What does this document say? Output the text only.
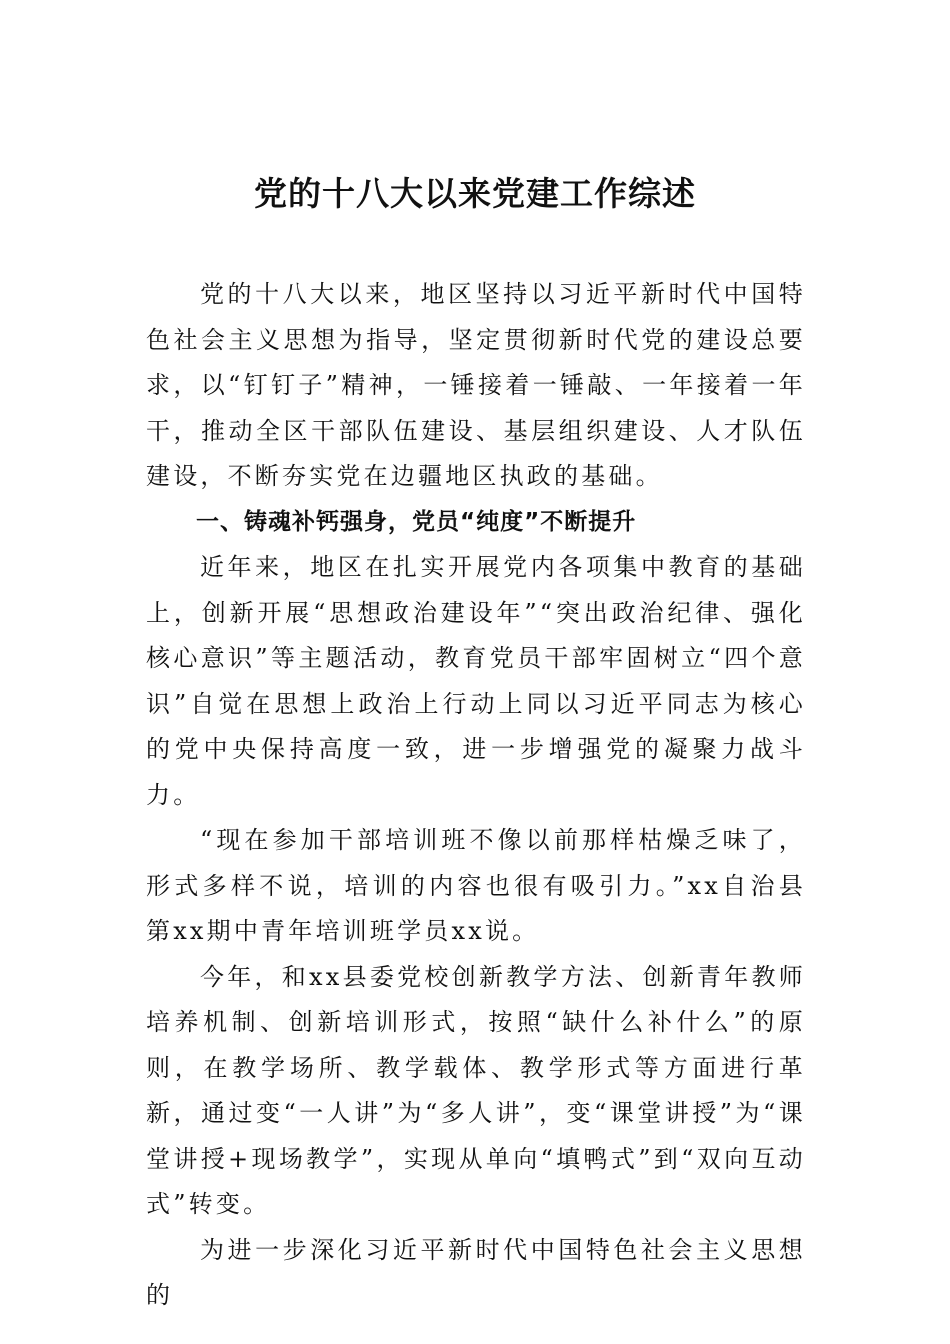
党的十八大以来党建工作综述

党的十八大以来，地区坚持以习近平新时代中国特色社会主义思想为指导，坚定贯彻新时代党的建设总要求，以“钉钉子”精神，一锤接着一锤敲、一年接着一年干，推动全区干部队伍建设、基层组织建设、人才队伍建设，不断夯实党在边疆地区执政的基础。

一、铸魂补钙强身，党员“纯度”不断提升

近年来，地区在扎实开展党内各项集中教育的基础上，创新开展“思想政治建设年”“突出政治纪律、强化核心意识”等主题活动，教育党员干部牢固树立“四个意识”自觉在思想上政治上行动上同以习近平同志为核心的党中央保持高度一致，进一步增强党的凝聚力战斗力。

“现在参加干部培训班不像以前那样枯燥乏味了，形式多样不说，培训的内容也很有吸引力。”xx自治县第xx期中青年培训班学员xx说。

今年，和xx县委党校创新教学方法、创新青年教师培养机制、创新培训形式，按照“缺什么补什么”的原则，在教学场所、教学载体、教学形式等方面进行革新，通过变“一人讲”为“多人讲”，变“课堂讲授”为“课堂讲授+现场教学”，实现从单向“填鸭式”到“双向互动式”转变。

为进一步深化习近平新时代中国特色社会主义思想的
